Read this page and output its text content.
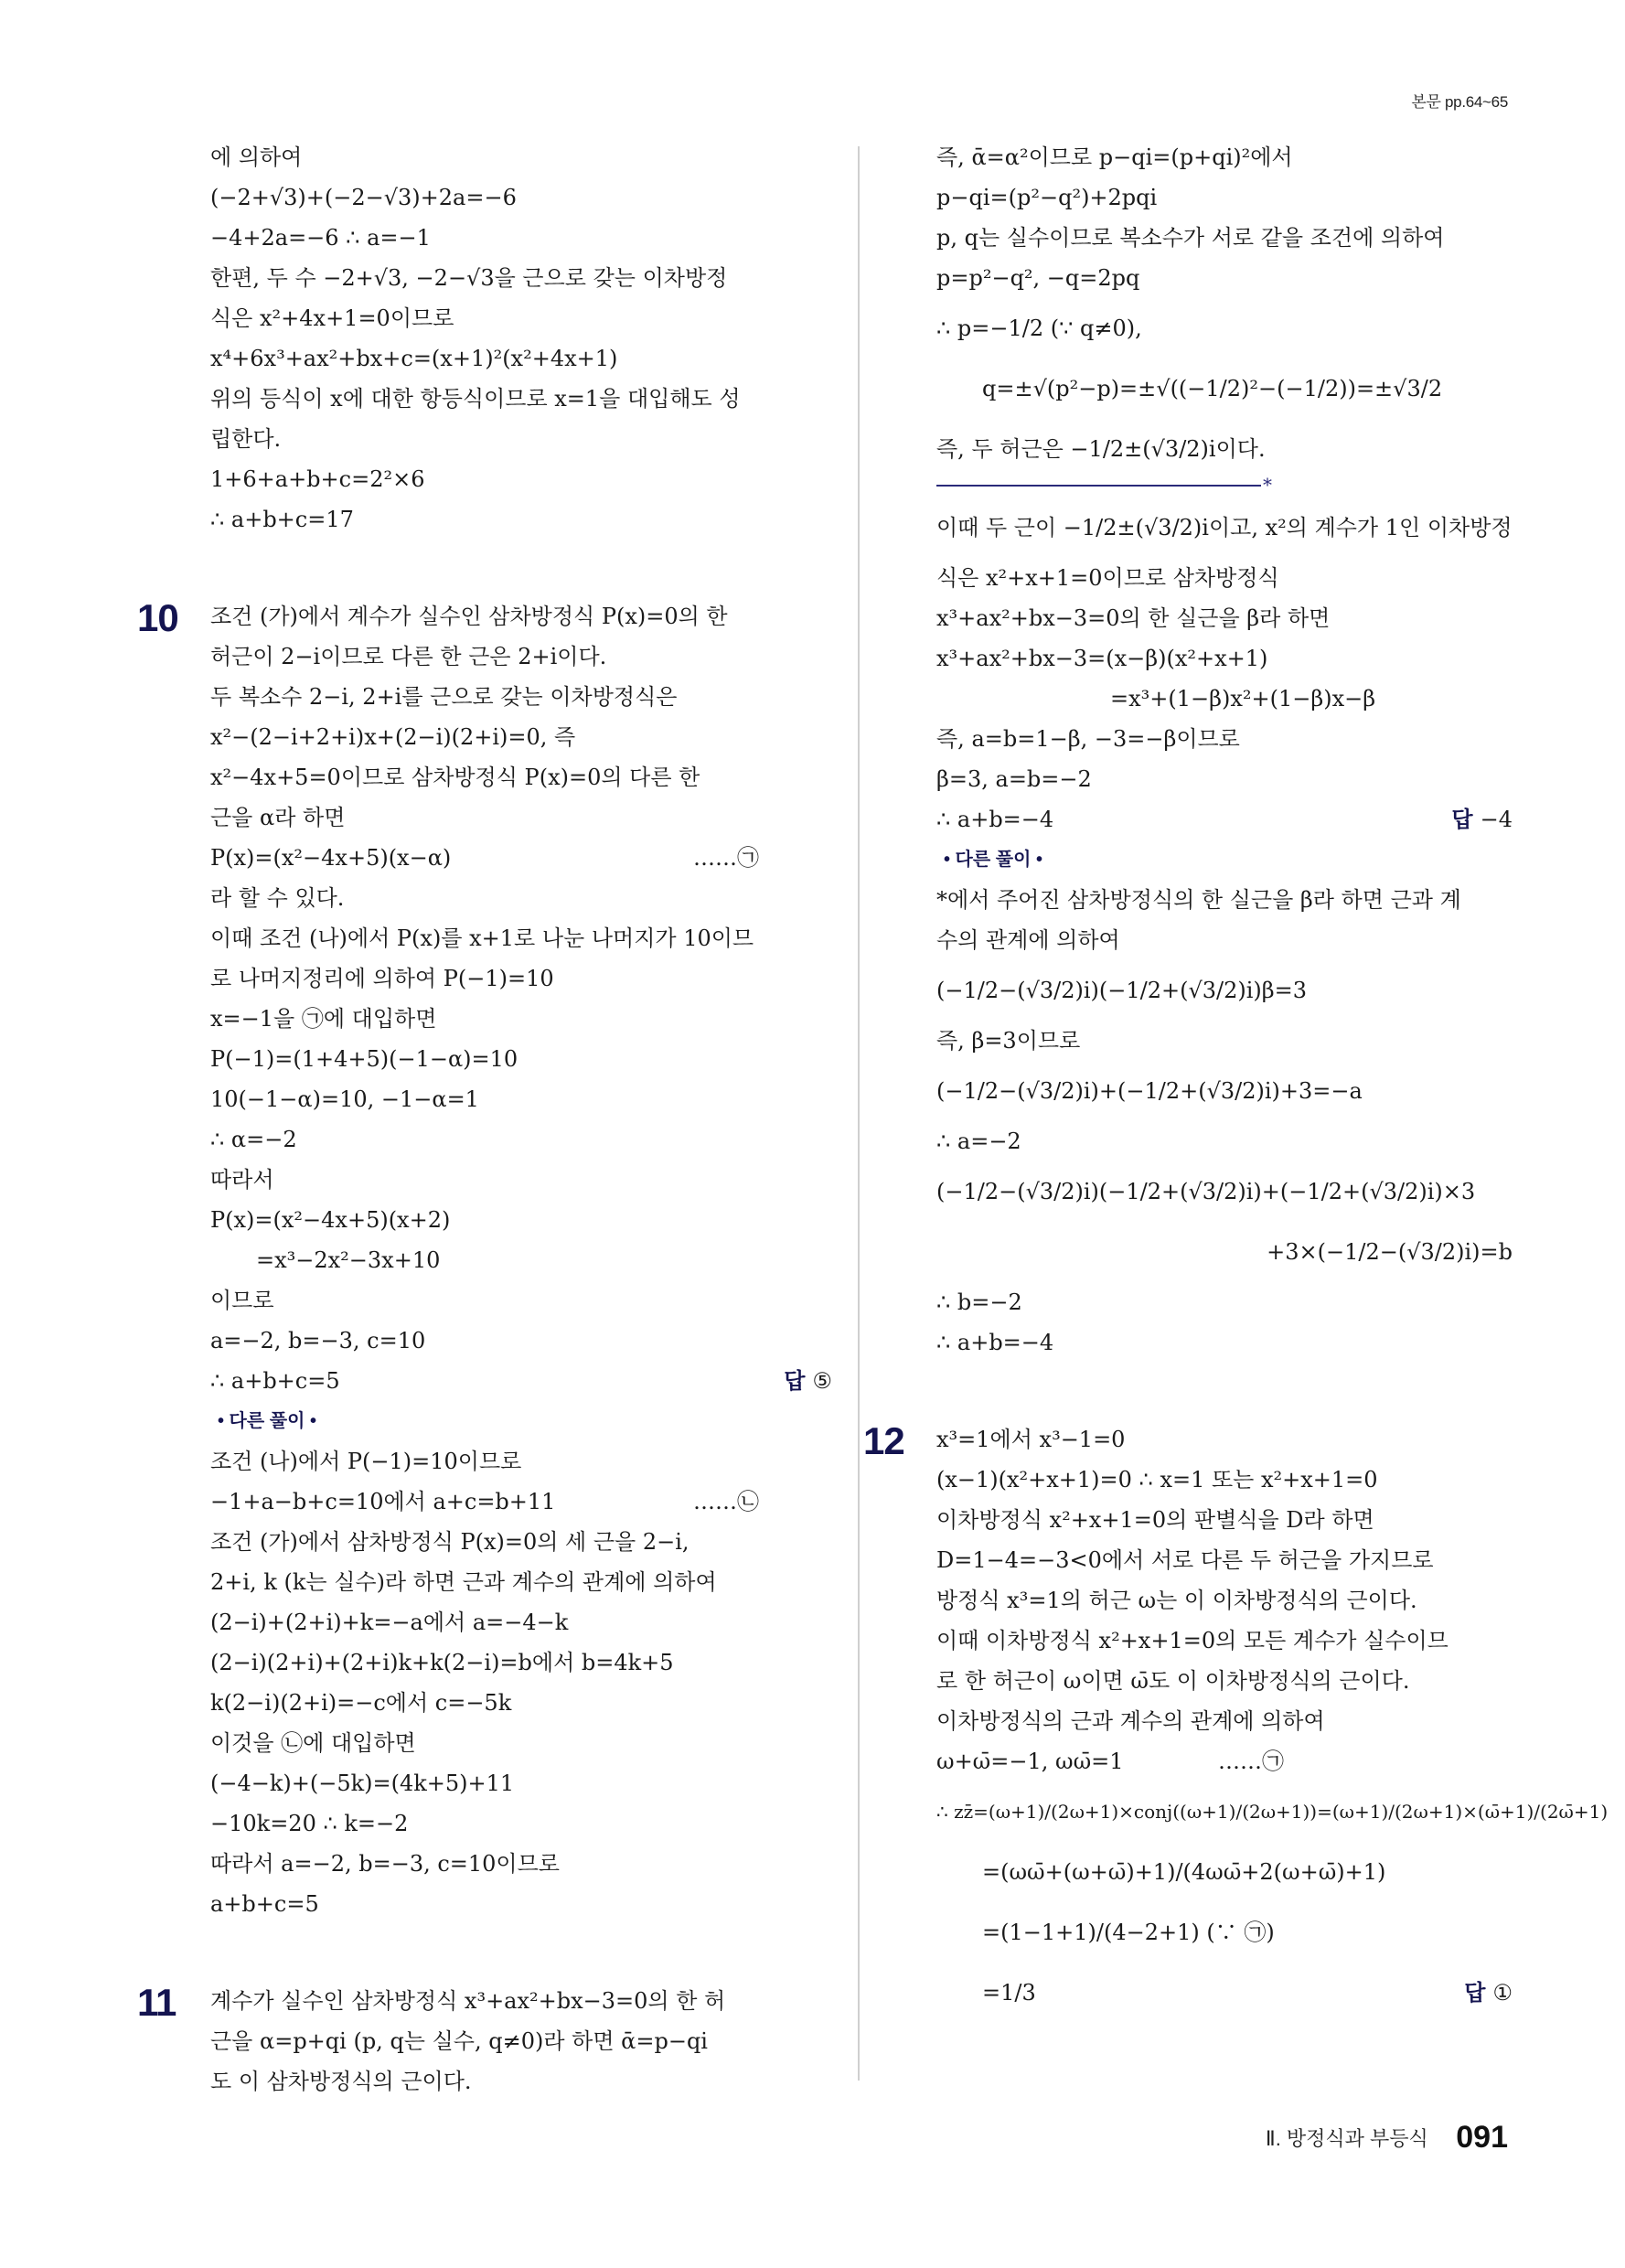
본문 pp.64~65
에 의하여
(−2+√3)+(−2−√3)+2a=−6
−4+2a=−6 ∴ a=−1
한편, 두 수 −2+√3, −2−√3을 근으로 갖는 이차방정
식은 x²+4x+1=0이므로
x⁴+6x³+ax²+bx+c=(x+1)²(x²+4x+1)
위의 등식이 x에 대한 항등식이므로 x=1을 대입해도 성
립한다.
1+6+a+b+c=2²×6
∴ a+b+c=17
10 조건 (가)에서 계수가 실수인 삼차방정식 P(x)=0의 한
허근이 2−i이므로 다른 한 근은 2+i이다.
두 복소수 2−i, 2+i를 근으로 갖는 이차방정식은
x²−(2−i+2+i)x+(2−i)(2+i)=0, 즉
x²−4x+5=0이므로 삼차방정식 P(x)=0의 다른 한
근을 α라 하면
P(x)=(x²−4x+5)(x−α)	……㉠
라 할 수 있다.
이때 조건 (나)에서 P(x)를 x+1로 나눈 나머지가 10이므
로 나머지정리에 의하여 P(−1)=10
x=−1을 ㉠에 대입하면
P(−1)=(1+4+5)(−1−α)=10
10(−1−α)=10, −1−α=1
∴ α=−2
따라서
P(x)=(x²−4x+5)(x+2)
=x³−2x²−3x+10
이므로
a=−2, b=−3, c=10
∴ a+b+c=5	답 ⑤
• 다른 풀이 •
조건 (나)에서 P(−1)=10이므로
−1+a−b+c=10에서 a+c=b+11	……㉡
조건 (가)에서 삼차방정식 P(x)=0의 세 근을 2−i,
2+i, k (k는 실수)라 하면 근과 계수의 관계에 의하여
(2−i)+(2+i)+k=−a에서 a=−4−k
(2−i)(2+i)+(2+i)k+k(2−i)=b에서 b=4k+5
k(2−i)(2+i)=−c에서 c=−5k
이것을 ㉡에 대입하면
(−4−k)+(−5k)=(4k+5)+11
−10k=20 ∴ k=−2
따라서 a=−2, b=−3, c=10이므로
a+b+c=5
11 계수가 실수인 삼차방정식 x³+ax²+bx−3=0의 한 허
근을 α=p+qi (p, q는 실수, q≠0)라 하면 ᾱ=p−qi
도 이 삼차방정식의 근이다.
즉, ᾱ=α²이므로 p−qi=(p+qi)²에서
p−qi=(p²−q²)+2pqi
p, q는 실수이므로 복소수가 서로 같을 조건에 의하여
p=p²−q², −q=2pq
∴ p=−1/2 (∵ q≠0),
q=±√(p²−p)=±√((−1/2)²−(−1/2))=±√3/2
즉, 두 허근은 −1/2±(√3/2)i이다.
*
이때 두 근이 −1/2±(√3/2)i이고, x²의 계수가 1인 이차방정
식은 x²+x+1=0이므로 삼차방정식
x³+ax²+bx−3=0의 한 실근을 β라 하면
x³+ax²+bx−3=(x−β)(x²+x+1)
=x³+(1−β)x²+(1−β)x−β
즉, a=b=1−β, −3=−β이므로
β=3, a=b=−2
∴ a+b=−4	답 −4
• 다른 풀이 •
*에서 주어진 삼차방정식의 한 실근을 β라 하면 근과 계
수의 관계에 의하여
(−1/2−(√3/2)i)(−1/2+(√3/2)i)β=3
즉, β=3이므로
(−1/2−(√3/2)i)+(−1/2+(√3/2)i)+3=−a
∴ a=−2
(−1/2−(√3/2)i)(−1/2+(√3/2)i)+(−1/2+(√3/2)i)×3
+3×(−1/2−(√3/2)i)=b
∴ b=−2
∴ a+b=−4
12 x³=1에서 x³−1=0
(x−1)(x²+x+1)=0 ∴ x=1 또는 x²+x+1=0
이차방정식 x²+x+1=0의 판별식을 D라 하면
D=1−4=−3<0에서 서로 다른 두 허근을 가지므로
방정식 x³=1의 허근 ω는 이 이차방정식의 근이다.
이때 이차방정식 x²+x+1=0의 모든 계수가 실수이므
로 한 허근이 ω이면 ω̄도 이 이차방정식의 근이다.
이차방정식의 근과 계수의 관계에 의하여
ω+ω̄=−1, ωω̄=1	……㉠
∴ zz̄=(ω+1)/(2ω+1)×conj((ω+1)/(2ω+1))=(ω+1)/(2ω+1)×(ω̄+1)/(2ω̄+1)
=(ωω̄+(ω+ω̄)+1)/(4ωω̄+2(ω+ω̄)+1)
=(1−1+1)/(4−2+1) (∵ ㉠)
=1/3	답 ①
Ⅱ. 방정식과 부등식 091
